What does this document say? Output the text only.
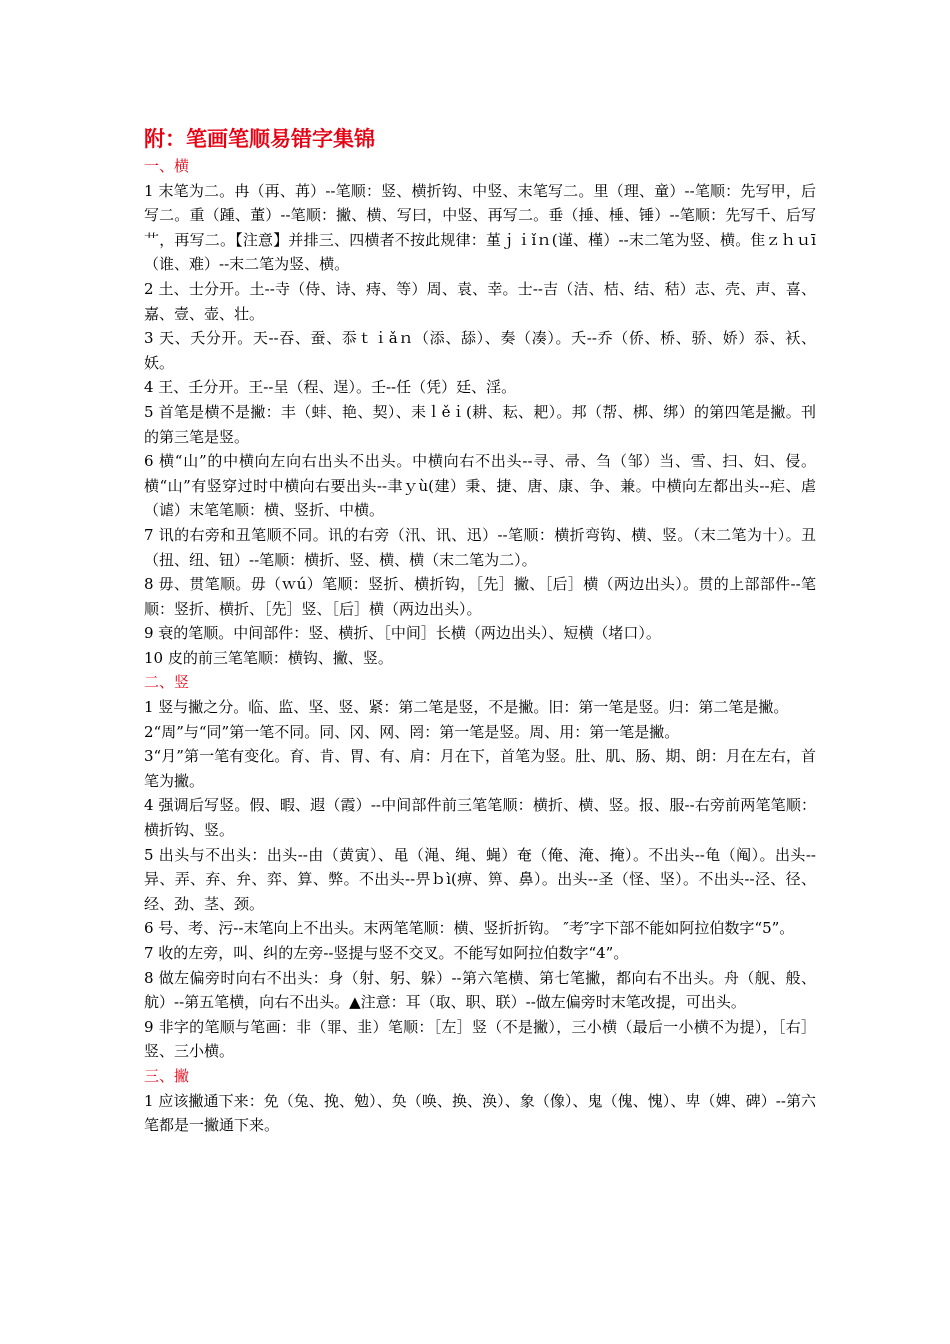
附：笔画笔顺易错字集锦

一、横

1 末笔为二。冉（再、苒）--笔顺：竖、横折钩、中竖、末笔写二。里（理、童）--笔顺：先写甲，后写二。重（踵、董）--笔顺：撇、横、写曰，中竖、再写二。垂（捶、棰、锤）--笔顺：先写千、后写艹，再写二。【注意】并排三、四横者不按此规律：堇ｊｉǐｎ(谨、槿）--末二笔为竖、横。隹ｚｈｕī（谁、难）--末二笔为竖、横。

2 土、士分开。土--寺（侍、诗、痔、等）周、袁、幸。士--吉（洁、桔、结、秸）志、壳、声、喜、嘉、壹、壶、壮。

3 天、夭分开。天--吞、蚕、忝ｔｉǎｎ（添、舔）、奏（凑）。夭--乔（侨、桥、骄、娇）忝、袄、妖。

4 王、壬分开。王--呈（程、逞）。壬--任（凭）廷、淫。

5 首笔是横不是撇：丰（蚌、艳、契）、耒ｌěｉ(耕、耘、耙）。邦（帮、梆、绑）的第四笔是撇。刊的第三笔是竖。

6 横“山”的中横向左向右出头不出头。中横向右不出头--寻、帚、刍（邹）当、雪、扫、妇、侵。横“山”有竖穿过时中横向右要出头--聿ｙù(建）秉、捷、唐、康、争、兼。中横向左都出头--疟、虐（谑）末笔笔顺：横、竖折、中横。

7 讯的右旁和丑笔顺不同。讯的右旁（汛、讯、迅）--笔顺：横折弯钩、横、竖。（末二笔为十）。丑（扭、纽、钮）--笔顺：横折、竖、横、横（末二笔为二）。

8 毋、贯笔顺。毋（ｗú）笔顺：竖折、横折钩，［先］撇、［后］横（两边出头）。贯的上部部件--笔顺：竖折、横折、［先］竖、［后］横（两边出头）。

9 衰的笔顺。中间部件：竖、横折、［中间］长横（两边出头）、短横（堵口）。

10 皮的前三笔笔顺：横钩、撇、竖。

二、竖

1 竖与撇之分。临、监、坚、竖、紧：第二笔是竖，不是撇。旧：第一笔是竖。归：第二笔是撇。

2“周”与“同”第一笔不同。同、冈、网、罔：第一笔是竖。周、用：第一笔是撇。

3“月”第一笔有变化。育、肯、胃、有、肩：月在下，首笔为竖。肚、肌、肠、期、朗：月在左右，首笔为撇。

4 强调后写竖。假、暇、遐（霞）--中间部件前三笔笔顺：横折、横、竖。报、服--右旁前两笔笔顺：横折钩、竖。

5 出头与不出头：出头--由（黄寅）、黾（渑、绳、蝇）奄（俺、淹、掩）。不出头--龟（阄）。出头--异、弄、弃、弁、弈、算、弊。不出头--畀ｂì(痹、箅、鼻）。出头--圣（怪、坚）。不出头--泾、径、经、劲、茎、颈。

6 号、考、污--末笔向上不出头。末两笔笔顺：横、竖折折钩。 ″考″字下部不能如阿拉伯数字“5”。

7 收的左旁，叫、纠的左旁--竖提与竖不交叉。不能写如阿拉伯数字“4”。

8 做左偏旁时向右不出头：身（射、躬、躲）--第六笔横、第七笔撇，都向右不出头。舟（舰、般、航）--第五笔横，向右不出头。▲注意：耳（取、职、联）--做左偏旁时末笔改提，可出头。

9 非字的笔顺与笔画：非（罪、韭）笔顺：［左］竖（不是撇），三小横（最后一小横不为提），［右］竖、三小横。

三、撇

1 应该撇通下来：免（兔、挽、勉）、奂（唤、换、涣）、象（像）、鬼（傀、愧）、卑（婢、碑）--第六笔都是一撇通下来。
